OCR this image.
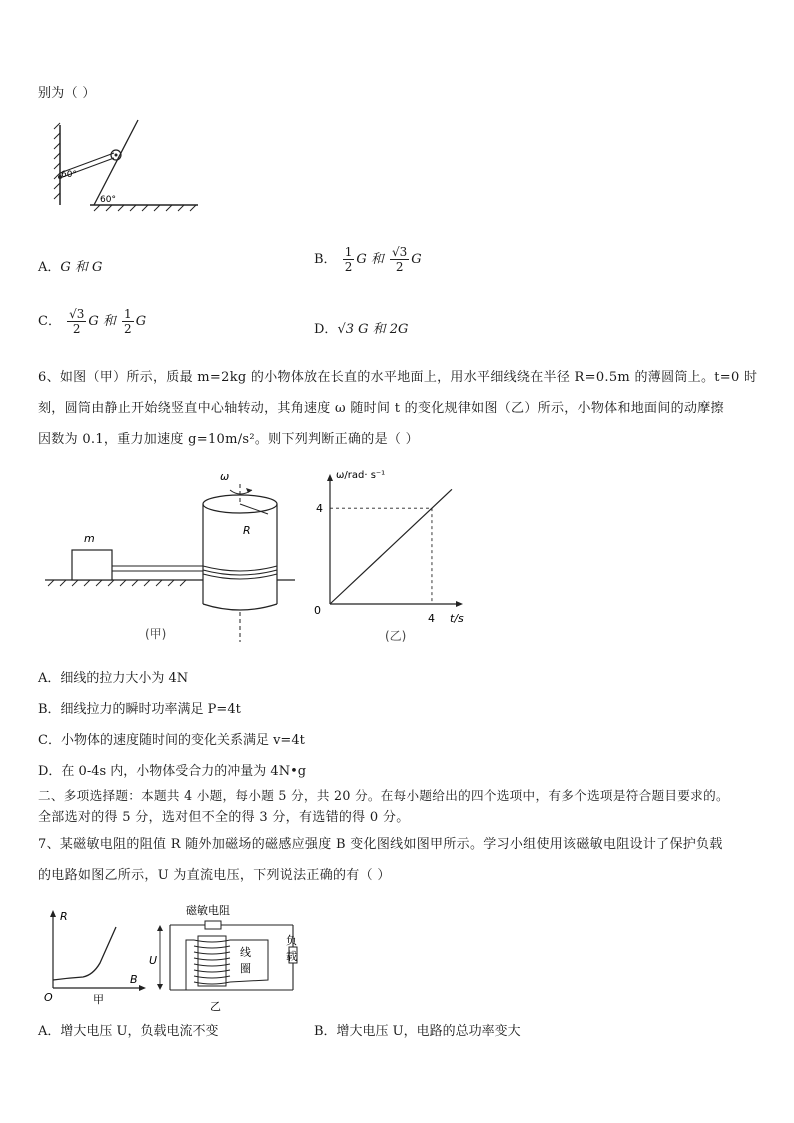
别为（ ）
60°
60°
A．G 和 G
B． $\frac{1}{2}$ G 和 $\frac{√3}{2}$ G
C． $\frac{√3}{2}$ G 和 $\frac{1}{2}$ G
D．√3 G 和 2G
6、如图（甲）所示，质最 m=2kg 的小物体放在长直的水平地面上，用水平细线绕在半径 R=0.5m 的薄圆筒上。t=0 时
刻，圆筒由静止开始绕竖直中心轴转动，其角速度 ω 随时间 t 的变化规律如图（乙）所示，小物体和地面间的动摩擦
因数为 0.1，重力加速度 g=10m/s²。则下列判断正确的是（ ）
m
ω
R
(甲)
ω/rad· s⁻¹
t/s
0
4
4
(乙)
A．细线的拉力大小为 4N
B．细线拉力的瞬时功率满足 P=4t
C．小物体的速度随时间的变化关系满足 v=4t
D．在 0-4s 内，小物体受合力的冲量为 4N•g
二、多项选择题：本题共 4 小题，每小题 5 分，共 20 分。在每小题给出的四个选项中，有多个选项是符合题目要求的。
全部选对的得 5 分，选对但不全的得 3 分，有选错的得 0 分。
7、某磁敏电阻的阻值 R 随外加磁场的磁感应强度 B 变化图线如图甲所示。学习小组使用该磁敏电阻设计了保护负载
的电路如图乙所示，U 为直流电压，下列说法正确的有（ ）
R
B
O	甲
磁敏电阻
负
载
U
线
圈
乙
A．增大电压 U，负载电流不变	B．增大电压 U，电路的总功率变大
